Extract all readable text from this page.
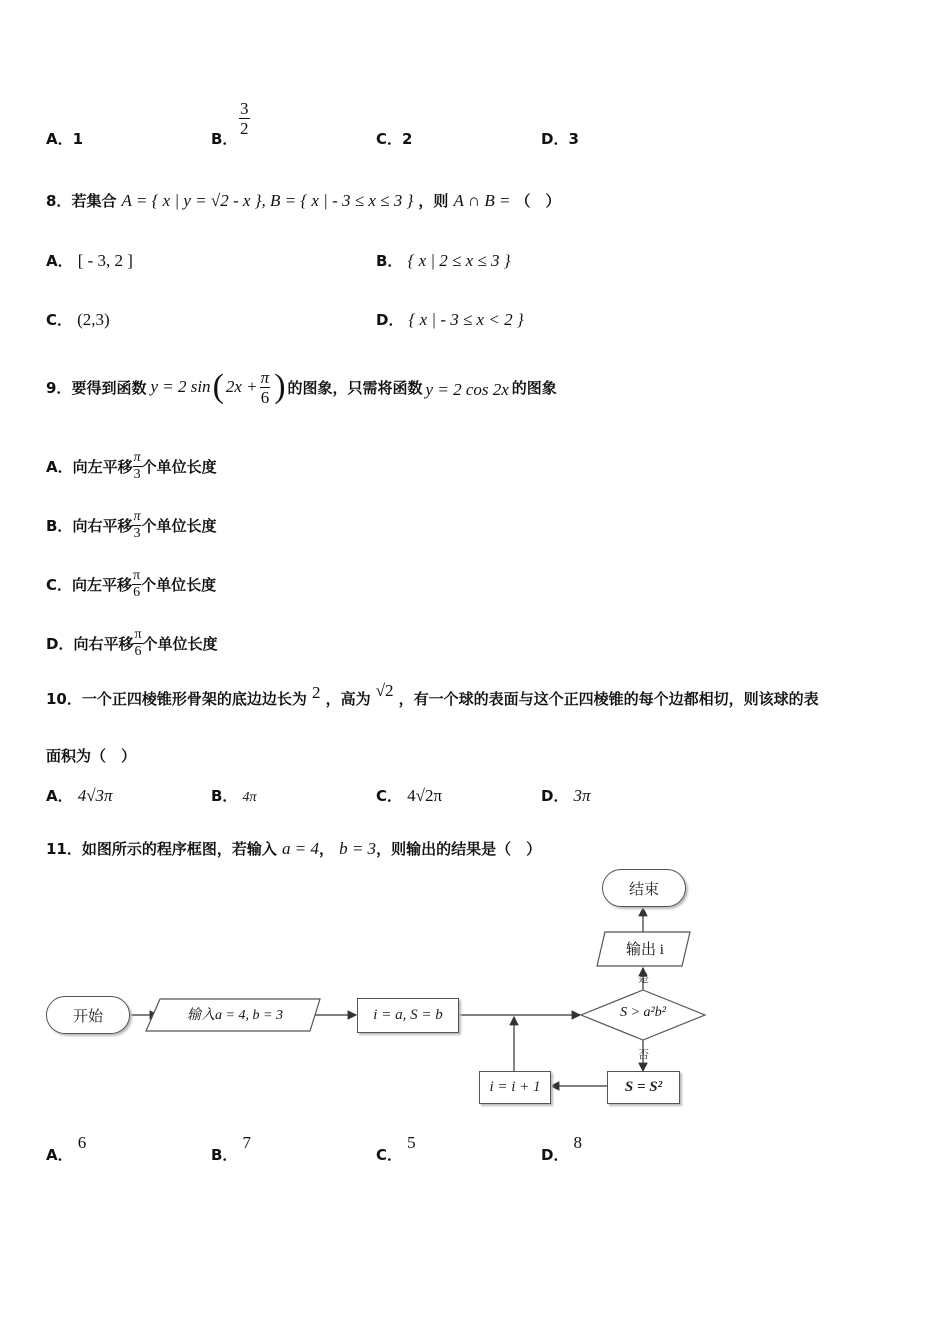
A．1	B．
$\frac{3}{2}$
C．2	D．3
8．若集合 A = { x | y = √2 - x }, B = { x | - 3 ≤ x ≤ 3 } ，则 A ∩ B = （　）
A． [ - 3, 2 ]	B． { x | 2 ≤ x ≤ 3 }
C． (2,3)	D． { x | - 3 ≤ x < 2 }
9． 要得到函数 y = 2 sin ( $2x + \frac{\pi}{6}$ ) 的图象，只需将函数 y = 2 cos 2x 的图象
A． 向左平移 $\frac{\pi}{3}$ 个单位长度
B． 向右平移 $\frac{\pi}{3}$ 个单位长度
C． 向左平移 $\frac{\pi}{6}$ 个单位长度
D． 向右平移 $\frac{\pi}{6}$ 个单位长度
10．一个正四棱锥形骨架的底边边长为 2 ，高为 √2 ，有一个球的表面与这个正四棱锥的每个边都相切，则该球的表
面积为（　）
A． 4√3π	B． 4π	C． 4√2π	D． 3π
11．如图所示的程序框图，若输入 a = 4， b = 3，则输出的结果是（　）
开始	输入a = 4, b = 3	i = a, S = b	S > a²b²
是
否
输出 i
结束
S = S²
i = i + 1
A． 6
B． 7
C． 5
D． 8
